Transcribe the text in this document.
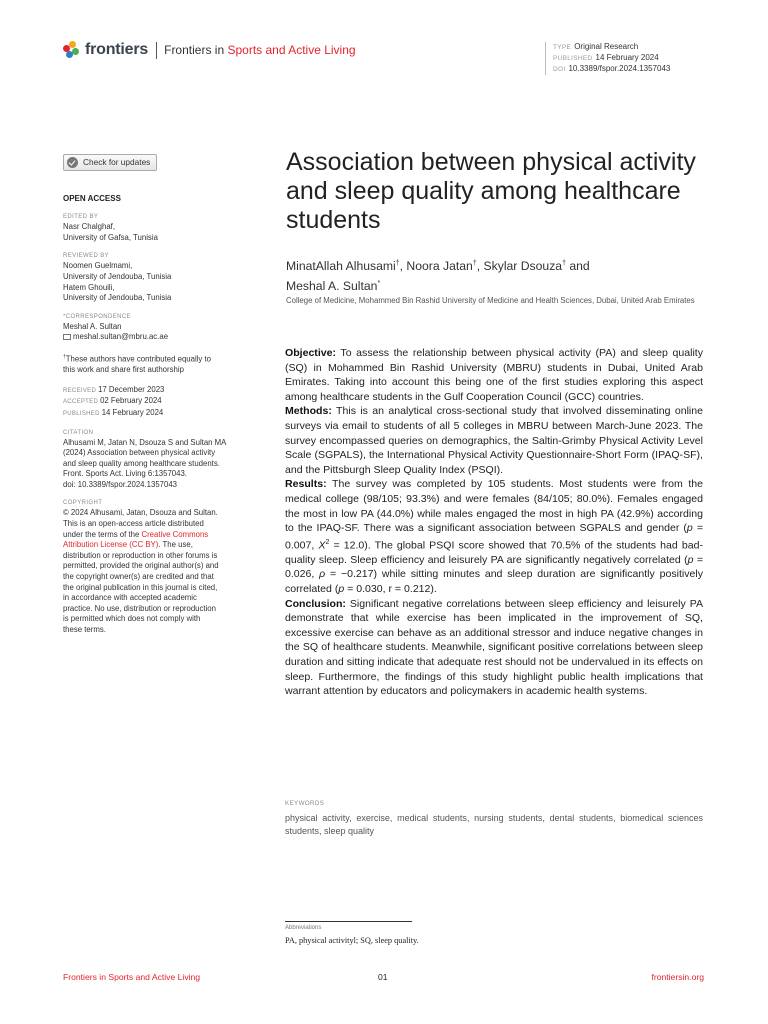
frontiers Frontiers in Sports and Active Living	TYPE Original Research
PUBLISHED 14 February 2024
DOI 10.3389/fspor.2024.1357043
Check for updates
OPEN ACCESS
EDITED BY
Nasr Chalghaf,
University of Gafsa, Tunisia
REVIEWED BY
Noomen Guelmami,
University of Jendouba, Tunisia
Hatem Ghouili,
University of Jendouba, Tunisia
*CORRESPONDENCE
Meshal A. Sultan
meshal.sultan@mbru.ac.ae
†These authors have contributed equally to
this work and share first authorship
RECEIVED 17 December 2023
ACCEPTED 02 February 2024
PUBLISHED 14 February 2024
CITATION
Alhusami M, Jatan N, Dsouza S and Sultan MA
(2024) Association between physical activity
and sleep quality among healthcare students.
Front. Sports Act. Living 6:1357043.
doi: 10.3389/fspor.2024.1357043
COPYRIGHT
© 2024 Alhusami, Jatan, Dsouza and Sultan.
This is an open-access article distributed
under the terms of the Creative Commons
Attribution License (CC BY). The use,
distribution or reproduction in other forums is
permitted, provided the original author(s) and
the copyright owner(s) are credited and that
the original publication in this journal is cited,
in accordance with accepted academic
practice. No use, distribution or reproduction
is permitted which does not comply with
these terms.
Association between physical activity and sleep quality among healthcare students
MinatAllah Alhusami†, Noora Jatan†, Skylar Dsouza† and
Meshal A. Sultan*
College of Medicine, Mohammed Bin Rashid University of Medicine and Health Sciences, Dubai, United Arab Emirates

Objective: To assess the relationship between physical activity (PA) and sleep quality (SQ) in Mohammed Bin Rashid University (MBRU) students in Dubai, United Arab Emirates. Taking into account this being one of the first studies exploring this aspect among healthcare students in the Gulf Cooperation Council (GCC) countries.

Methods: This is an analytical cross-sectional study that involved disseminating online surveys via email to students of all 5 colleges in MBRU between March-June 2023. The survey encompassed queries on demographics, the Saltin-Grimby Physical Activity Level Scale (SGPALS), the International Physical Activity Questionnaire-Short Form (IPAQ-SF), and the Pittsburgh Sleep Quality Index (PSQI).

Results: The survey was completed by 105 students. Most students were from the medical college (98/105; 93.3%) and were females (84/105; 80.0%). Females engaged the most in low PA (44.0%) while males engaged the most in high PA (42.9%) according to the IPAQ-SF. There was a significant association between SGPALS and gender (p = 0.007, $X^2 = 12.0$). The global PSQI score showed that 70.5% of the students had bad-quality sleep. Sleep efficiency and leisurely PA are significantly negatively correlated (p = 0.026, ρ = −0.217) while sitting minutes and sleep duration are significantly positively correlated (p = 0.030, r = 0.212).

Conclusion: Significant negative correlations between sleep efficiency and leisurely PA demonstrate that while exercise has been implicated in the improvement of SQ, excessive exercise can behave as an additional stressor and induce negative changes in the SQ of healthcare students. Meanwhile, significant positive correlations between sleep duration and sitting indicate that adequate rest should not be undervalued in its effects on sleep. Furthermore, the findings of this study highlight public health implications that warrant attention by educators and policymakers in academic health systems.

KEYWORDS
physical activity, exercise, medical students, nursing students, dental students, biomedical sciences students, sleep quality
Abbreviations
PA, physical activityl; SQ, sleep quality.
Frontiers in Sports and Active Living	01	frontiersin.org
